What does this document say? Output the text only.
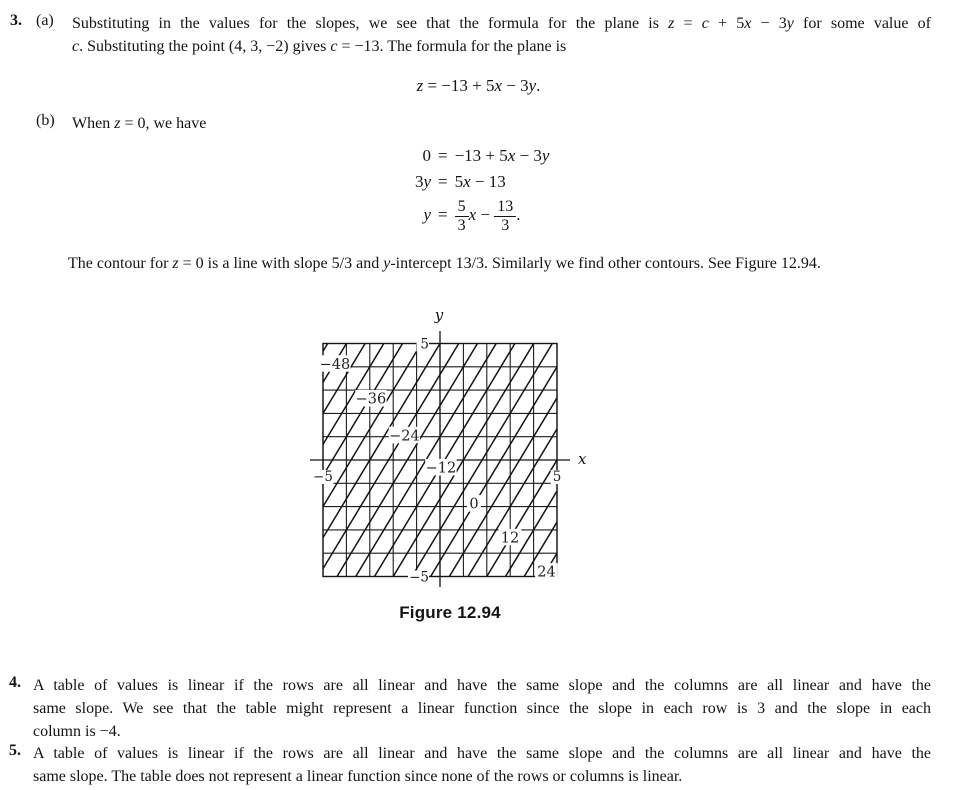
3. (a) Substituting in the values for the slopes, we see that the formula for the plane is z = c + 5x − 3y for some value of
c. Substituting the point (4, 3, −2) gives c = −13. The formula for the plane is
z = −13 + 5x − 3y.
(b) When z = 0, we have
0 = −13 + 5x − 3y
3y = 5x − 13
$y = \frac{5}{3}$ $x - \frac{13}{3}$ .
The contour for z = 0 is a line with slope 5/3 and y-intercept 13/3. Similarly we find other contours. See Figure 12.94.
x
y
−5	5
5
−5
−48
−36
−24
−12
0
12
24
Figure 12.94
4. A table of values is linear if the rows are all linear and have the same slope and the columns are all linear and have the
same slope. We see that the table might represent a linear function since the slope in each row is 3 and the slope in each
column is −4.
5. A table of values is linear if the rows are all linear and have the same slope and the columns are all linear and have the
same slope. The table does not represent a linear function since none of the rows or columns is linear.
